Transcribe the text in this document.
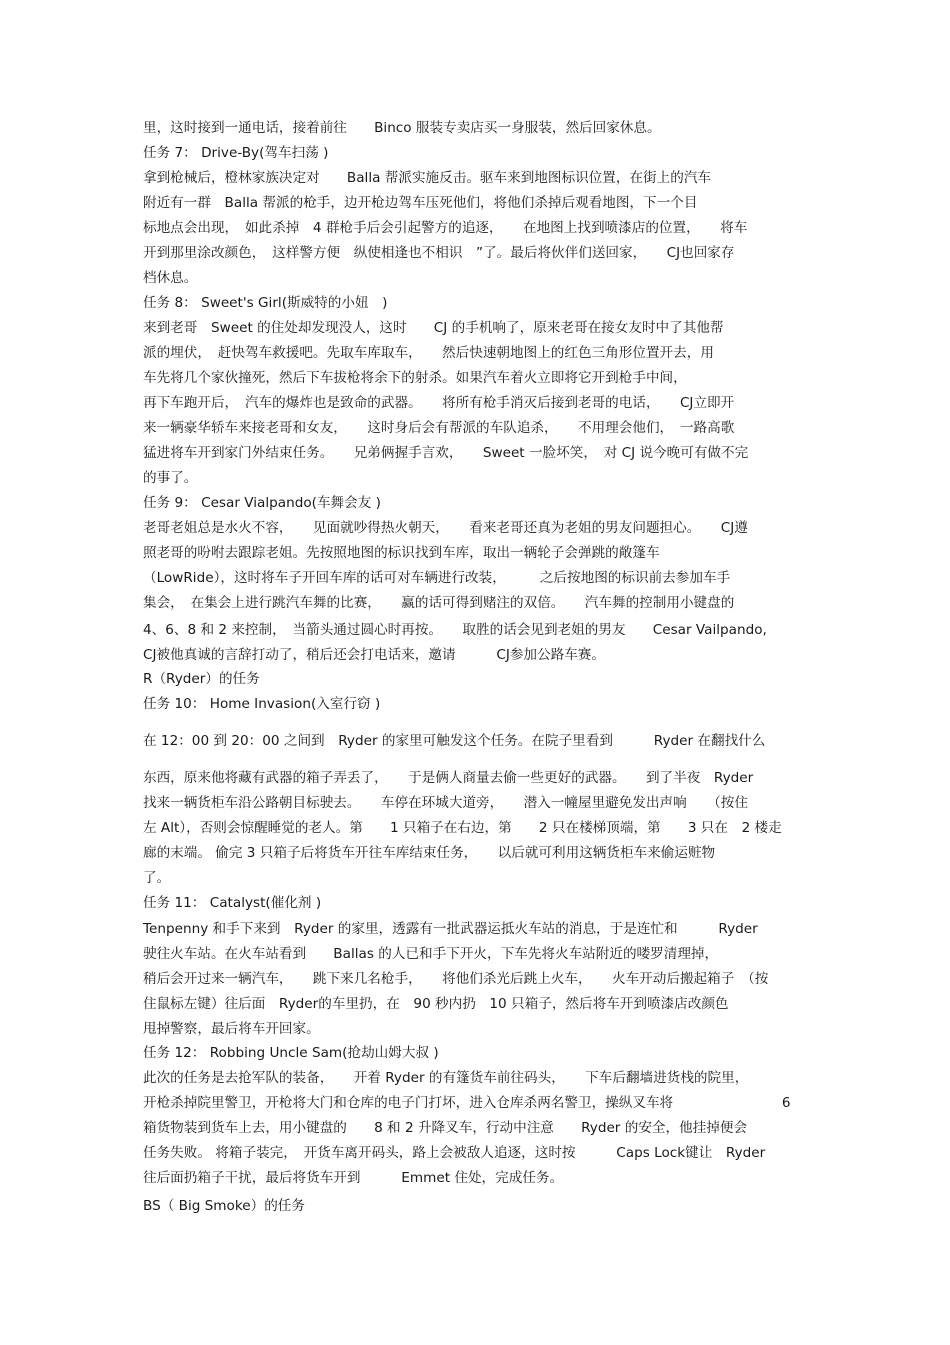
里，这时接到一通电话，接着前往　　Binco 服装专卖店买一身服装，然后回家休息。
任务 7： Drive-By(驾车扫荡 )
拿到枪械后，橙林家族决定对　　Balla 帮派实施反击。驱车来到地图标识位置，在街上的汽车
附近有一群　Balla 帮派的枪手，边开枪边驾车压死他们，将他们杀掉后观看地图，下一个目
标地点会出现，　如此杀掉　4 群枪手后会引起警方的追逐，　　在地图上找到喷漆店的位置，　　将车
开到那里涂改颜色，　这样警方便　纵使相逢也不相识　”了。最后将伙伴们送回家，　　CJ也回家存
档休息。
任务 8： Sweet's Girl(斯威特的小妞　)
来到老哥　Sweet 的住处却发现没人，这时　　CJ 的手机响了，原来老哥在接女友时中了其他帮
派的埋伏，　赶快驾车救援吧。先取车库取车，　　然后快速朝地图上的红色三角形位置开去，用
车先将几个家伙撞死，然后下车拔枪将余下的射杀。如果汽车着火立即将它开到枪手中间，
再下车跑开后，　汽车的爆炸也是致命的武器。　　将所有枪手消灭后接到老哥的电话，　　CJ立即开
来一辆豪华轿车来接老哥和女友，　　这时身后会有帮派的车队追杀，　　不用理会他们，　一路高歌
猛进将车开到家门外结束任务。　　兄弟俩握手言欢，　　Sweet 一脸坏笑，　对 CJ 说今晚可有做不完
的事了。
任务 9： Cesar Vialpando(车舞会友 )
老哥老姐总是水火不容，　　见面就吵得热火朝天，　　看来老哥还真为老姐的男友问题担心。　　CJ遵
照老哥的吩咐去跟踪老姐。先按照地图的标识找到车库，取出一辆轮子会弹跳的敞篷车
（LowRide），这时将车子开回车库的话可对车辆进行改装，　　　之后按地图的标识前去参加车手
集会，　在集会上进行跳汽车舞的比赛，　　赢的话可得到赌注的双倍。　　汽车舞的控制用小键盘的
4、6、8 和 2 来控制，　当箭头通过圆心时再按。　　取胜的话会见到老姐的男友　　Cesar Vailpando,
CJ被他真诚的言辞打动了，稍后还会打电话来，邀请　　　CJ参加公路车赛。
R（Ryder）的任务
任务 10： Home Invasion(入室行窃 )
在 12：00 到 20：00 之间到　Ryder 的家里可触发这个任务。在院子里看到　　　Ryder 在翻找什么
东西，原来他将藏有武器的箱子弄丢了，　　于是俩人商量去偷一些更好的武器。　　到了半夜　Ryder
找来一辆货柜车沿公路朝目标驶去。　　车停在环城大道旁，　　潜入一幢屋里避免发出声响　　（按住
左 Alt），否则会惊醒睡觉的老人。第　　1 只箱子在右边，第　　2 只在楼梯顶端，第　　3 只在　2 楼走
廊的末端。 偷完 3 只箱子后将货车开往车库结束任务，　　以后就可利用这辆货柜车来偷运赃物
了。
任务 11： Catalyst(催化剂 )
Tenpenny 和手下来到　Ryder 的家里，透露有一批武器运抵火车站的消息，于是连忙和　　　Ryder
驶往火车站。在火车站看到　　Ballas 的人已和手下开火，下车先将火车站附近的喽罗清理掉，
稍后会开过来一辆汽车，　　跳下来几名枪手，　　将他们杀光后跳上火车，　　火车开动后搬起箱子　（按
住鼠标左键）往后面　Ryder的车里扔，在　90 秒内扔　10 只箱子，然后将车开到喷漆店改颜色
甩掉警察，最后将车开回家。
任务 12： Robbing Uncle Sam(抢劫山姆大叔 )
此次的任务是去抢军队的装备，　　开着 Ryder 的有篷货车前往码头，　　下车后翻墙进货栈的院里，
开枪杀掉院里警卫，开枪将大门和仓库的电子门打坏，进入仓库杀两名警卫，操纵叉车将　　　　　　　　6
箱货物装到货车上去，用小键盘的　　8 和 2 升降叉车，行动中注意　　Ryder 的安全，他挂掉便会
任务失败。 将箱子装完，　开货车离开码头，路上会被敌人追逐，这时按　　　Caps Lock键让　Ryder
往后面扔箱子干扰，最后将货车开到　　　Emmet 住处，完成任务。
BS（ Big Smoke）的任务
